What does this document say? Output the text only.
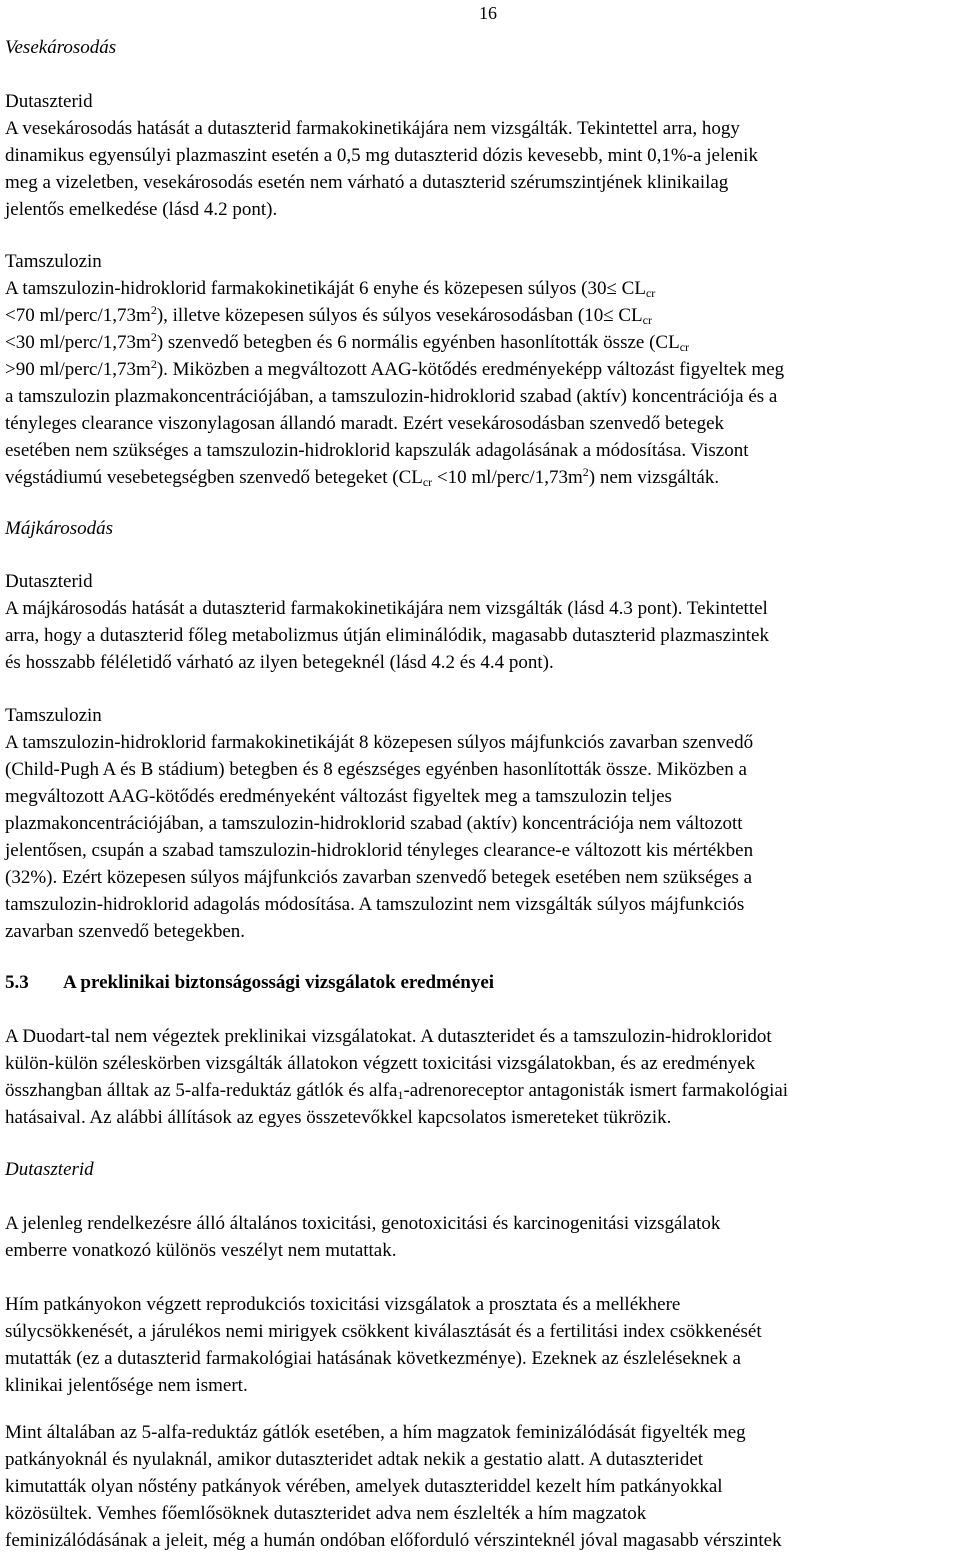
16
Vesekárosodás
Dutaszterid
A vesekárosodás hatását a dutaszterid farmakokinetikájára nem vizsgálták. Tekintettel arra, hogy
dinamikus egyensúlyi plazmaszint esetén a 0,5 mg dutaszterid dózis kevesebb, mint 0,1%-a jelenik
meg a vizeletben, vesekárosodás esetén nem várható a dutaszterid szérumszintjének klinikailag
jelentős emelkedése (lásd 4.2 pont).
Tamszulozin
A tamszulozin-hidroklorid farmakokinetikáját 6 enyhe és közepesen súlyos ($30\le CL_{cr}$
<70 $ml/perc/1,73m^2$), illetve közepesen súlyos és súlyos vesekárosodásban ($10\le CL_{cr}$
<30 $ml/perc/1,73m^2$) szenvedő betegben és 6 normális egyénben hasonlították össze ($CL_{cr}$
>90 $ml/perc/1,73m^2$). Miközben a megváltozott AAG-kötődés eredményeképp változást figyeltek meg
a tamszulozin plazmakoncentrációjában, a tamszulozin-hidroklorid szabad (aktív) koncentrációja és a
tényleges clearance viszonylagosan állandó maradt. Ezért vesekárosodásban szenvedő betegek
esetében nem szükséges a tamszulozin-hidroklorid kapszulák adagolásának a módosítása. Viszont
végstádiumú vesebetegségben szenvedő betegeket ($CL_{cr} <10$ $ml/perc/1,73m^2$) nem vizsgálták.
Májkárosodás
Dutaszterid
A májkárosodás hatását a dutaszterid farmakokinetikájára nem vizsgálták (lásd 4.3 pont). Tekintettel
arra, hogy a dutaszterid főleg metabolizmus útján eliminálódik, magasabb dutaszterid plazmaszintek
és hosszabb féléletidő várható az ilyen betegeknél (lásd 4.2 és 4.4 pont).
Tamszulozin
A tamszulozin-hidroklorid farmakokinetikáját 8 közepesen súlyos májfunkciós zavarban szenvedő
(Child-Pugh A és B stádium) betegben és 8 egészséges egyénben hasonlították össze. Miközben a
megváltozott AAG-kötődés eredményeként változást figyeltek meg a tamszulozin teljes
plazmakoncentrációjában, a tamszulozin-hidroklorid szabad (aktív) koncentrációja nem változott
jelentősen, csupán a szabad tamszulozin-hidroklorid tényleges clearance-e változott kis mértékben
(32%). Ezért közepesen súlyos májfunkciós zavarban szenvedő betegek esetében nem szükséges a
tamszulozin-hidroklorid adagolás módosítása. A tamszulozint nem vizsgálták súlyos májfunkciós
zavarban szenvedő betegekben.
5.3 A preklinikai biztonságossági vizsgálatok eredményei
A Duodart-tal nem végeztek preklinikai vizsgálatokat. A dutaszteridet és a tamszulozin-hidrokloridot
külön-külön széleskörben vizsgálták állatokon végzett toxicitási vizsgálatokban, és az eredmények
összhangban álltak az 5-alfa-reduktáz gátlók és alfa$_1$-adrenoreceptor antagonisták ismert farmakológiai
hatásaival. Az alábbi állítások az egyes összetevőkkel kapcsolatos ismereteket tükrözik.
Dutaszterid
A jelenleg rendelkezésre álló általános toxicitási, genotoxicitási és karcinogenitási vizsgálatok
emberre vonatkozó különös veszélyt nem mutattak.
Hím patkányokon végzett reprodukciós toxicitási vizsgálatok a prosztata és a mellékhere
súlycsökkenését, a járulékos nemi mirigyek csökkent kiválasztását és a fertilitási index csökkenését
mutatták (ez a dutaszterid farmakológiai hatásának következménye). Ezeknek az észleléseknek a
klinikai jelentősége nem ismert.
Mint általában az 5-alfa-reduktáz gátlók esetében, a hím magzatok feminizálódását figyelték meg
patkányoknál és nyulaknál, amikor dutaszteridet adtak nekik a gestatio alatt. A dutaszteridet
kimutatták olyan nőstény patkányok vérében, amelyek dutaszteriddel kezelt hím patkányokkal
közösültek. Vemhes főemlősöknek dutaszteridet adva nem észlelték a hím magzatok
feminizálódásának a jeleit, még a humán ondóban előforduló vérszinteknél jóval magasabb vérszintek
